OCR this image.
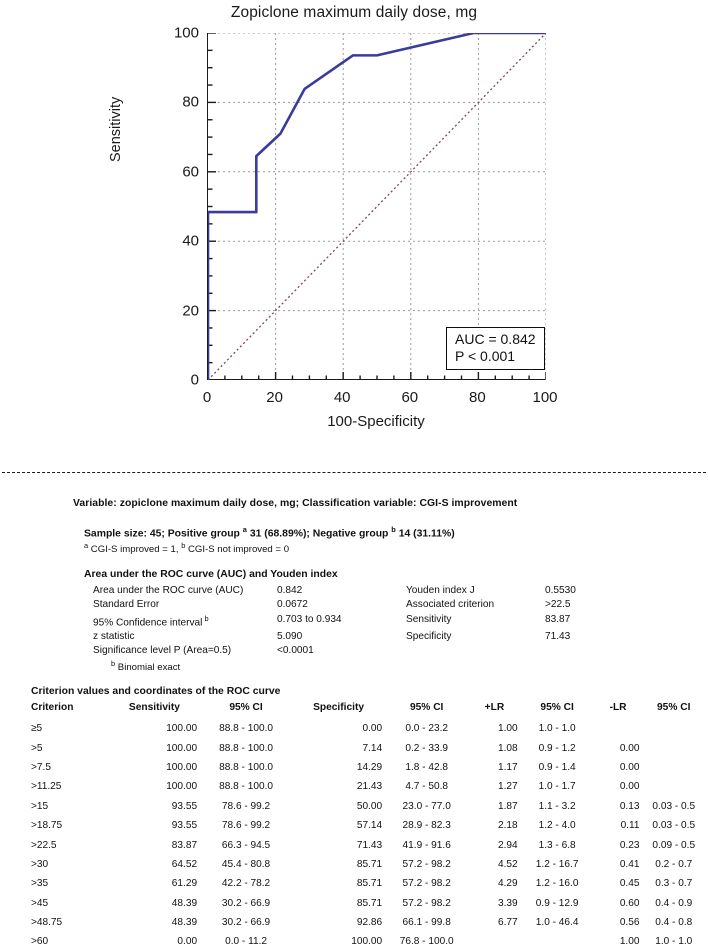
Zopiclone maximum daily dose, mg
Sensitivity
0
20
40
60
80
100
0	20	40	60	80	100
100-Specificity
AUC = 0.842
P < 0.001
Variable: zopiclone maximum daily dose, mg; Classification variable: CGI-S improvement
Sample size: 45; Positive group $^a$ 31 (68.89%); Negative group $^b$ 14 (31.11%)
$^a$ CGI-S improved = 1, $^b$ CGI-S not improved = 0
Area under the ROC curve (AUC) and Youden index
Area under the ROC curve (AUC)	0.842	Youden index J	0.5530
Standard Error	0.0672	Associated criterion	>22.5
95% Confidence interval $^b$	0.703 to 0.934	Sensitivity	83.87
z statistic	5.090	Specificity	71.43
Significance level P (Area=0.5)	<0.0001		
$^b$ Binomial exact
Criterion values and coordinates of the ROC curve
Criterion	Sensitivity	95% CI	Specificity	95% CI	+LR	95% CI	-LR	95% CI
≥5	100.00	88.8 - 100.0	0.00	0.0 - 23.2	1.00	1.0 - 1.0		
>5	100.00	88.8 - 100.0	7.14	0.2 - 33.9	1.08	0.9 - 1.2	0.00	
>7.5	100.00	88.8 - 100.0	14.29	1.8 - 42.8	1.17	0.9 - 1.4	0.00	
>11.25	100.00	88.8 - 100.0	21.43	4.7 - 50.8	1.27	1.0 - 1.7	0.00	
>15	93.55	78.6 - 99.2	50.00	23.0 - 77.0	1.87	1.1 - 3.2	0.13	0.03 - 0.5
>18.75	93.55	78.6 - 99.2	57.14	28.9 - 82.3	2.18	1.2 - 4.0	0.11	0.03 - 0.5
>22.5	83.87	66.3 - 94.5	71.43	41.9 - 91.6	2.94	1.3 - 6.8	0.23	0.09 - 0.5
>30	64.52	45.4 - 80.8	85.71	57.2 - 98.2	4.52	1.2 - 16.7	0.41	0.2 - 0.7
>35	61.29	42.2 - 78.2	85.71	57.2 - 98.2	4.29	1.2 - 16.0	0.45	0.3 - 0.7
>45	48.39	30.2 - 66.9	85.71	57.2 - 98.2	3.39	0.9 - 12.9	0.60	0.4 - 0.9
>48.75	48.39	30.2 - 66.9	92.86	66.1 - 99.8	6.77	1.0 - 46.4	0.56	0.4 - 0.8
>60	0.00	0.0 - 11.2	100.00	76.8 - 100.0			1.00	1.0 - 1.0
